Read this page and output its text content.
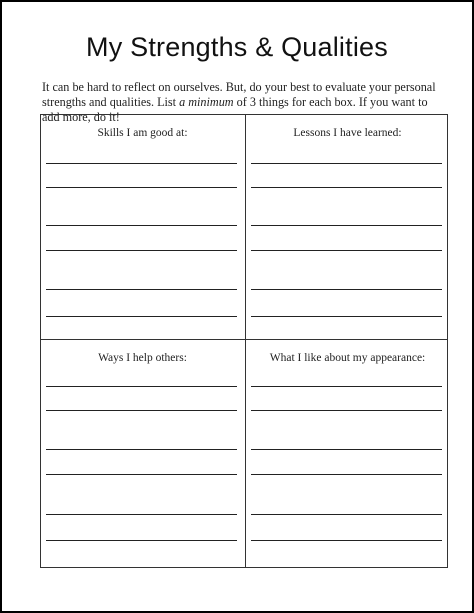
My Strengths & Qualities
It can be hard to reflect on ourselves. But, do your best to evaluate your personal strengths and qualities. List a minimum of 3 things for each box. If you want to add more, do it!
Skills I am good at:	Lessons I have learned:
Ways I help others:	What I like about my appearance:
